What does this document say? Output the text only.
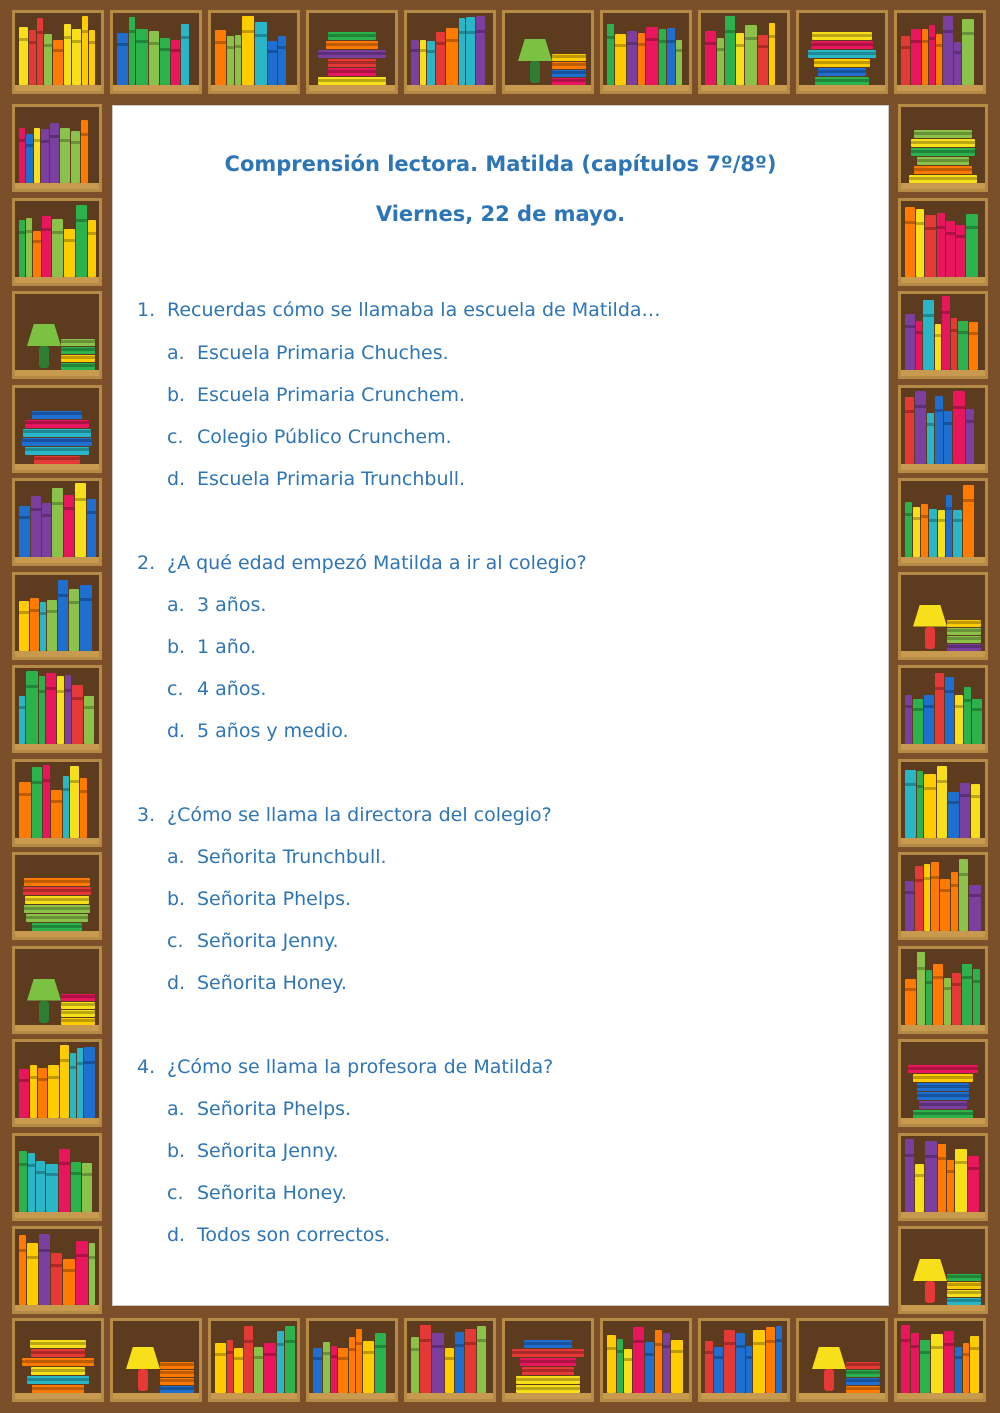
Comprensión lectora. Matilda (capítulos 7º/8º)
Viernes, 22 de mayo.
1. Recuerdas cómo se llamaba la escuela de Matilda…
a. Escuela Primaria Chuches.
b. Escuela Primaria Crunchem.
c. Colegio Público Crunchem.
d. Escuela Primaria Trunchbull.
2. ¿A qué edad empezó Matilda a ir al colegio?
a. 3 años.
b. 1 año.
c. 4 años.
d. 5 años y medio.
3. ¿Cómo se llama la directora del colegio?
a. Señorita Trunchbull.
b. Señorita Phelps.
c. Señorita Jenny.
d. Señorita Honey.
4. ¿Cómo se llama la profesora de Matilda?
a. Señorita Phelps.
b. Señorita Jenny.
c. Señorita Honey.
d. Todos son correctos.
